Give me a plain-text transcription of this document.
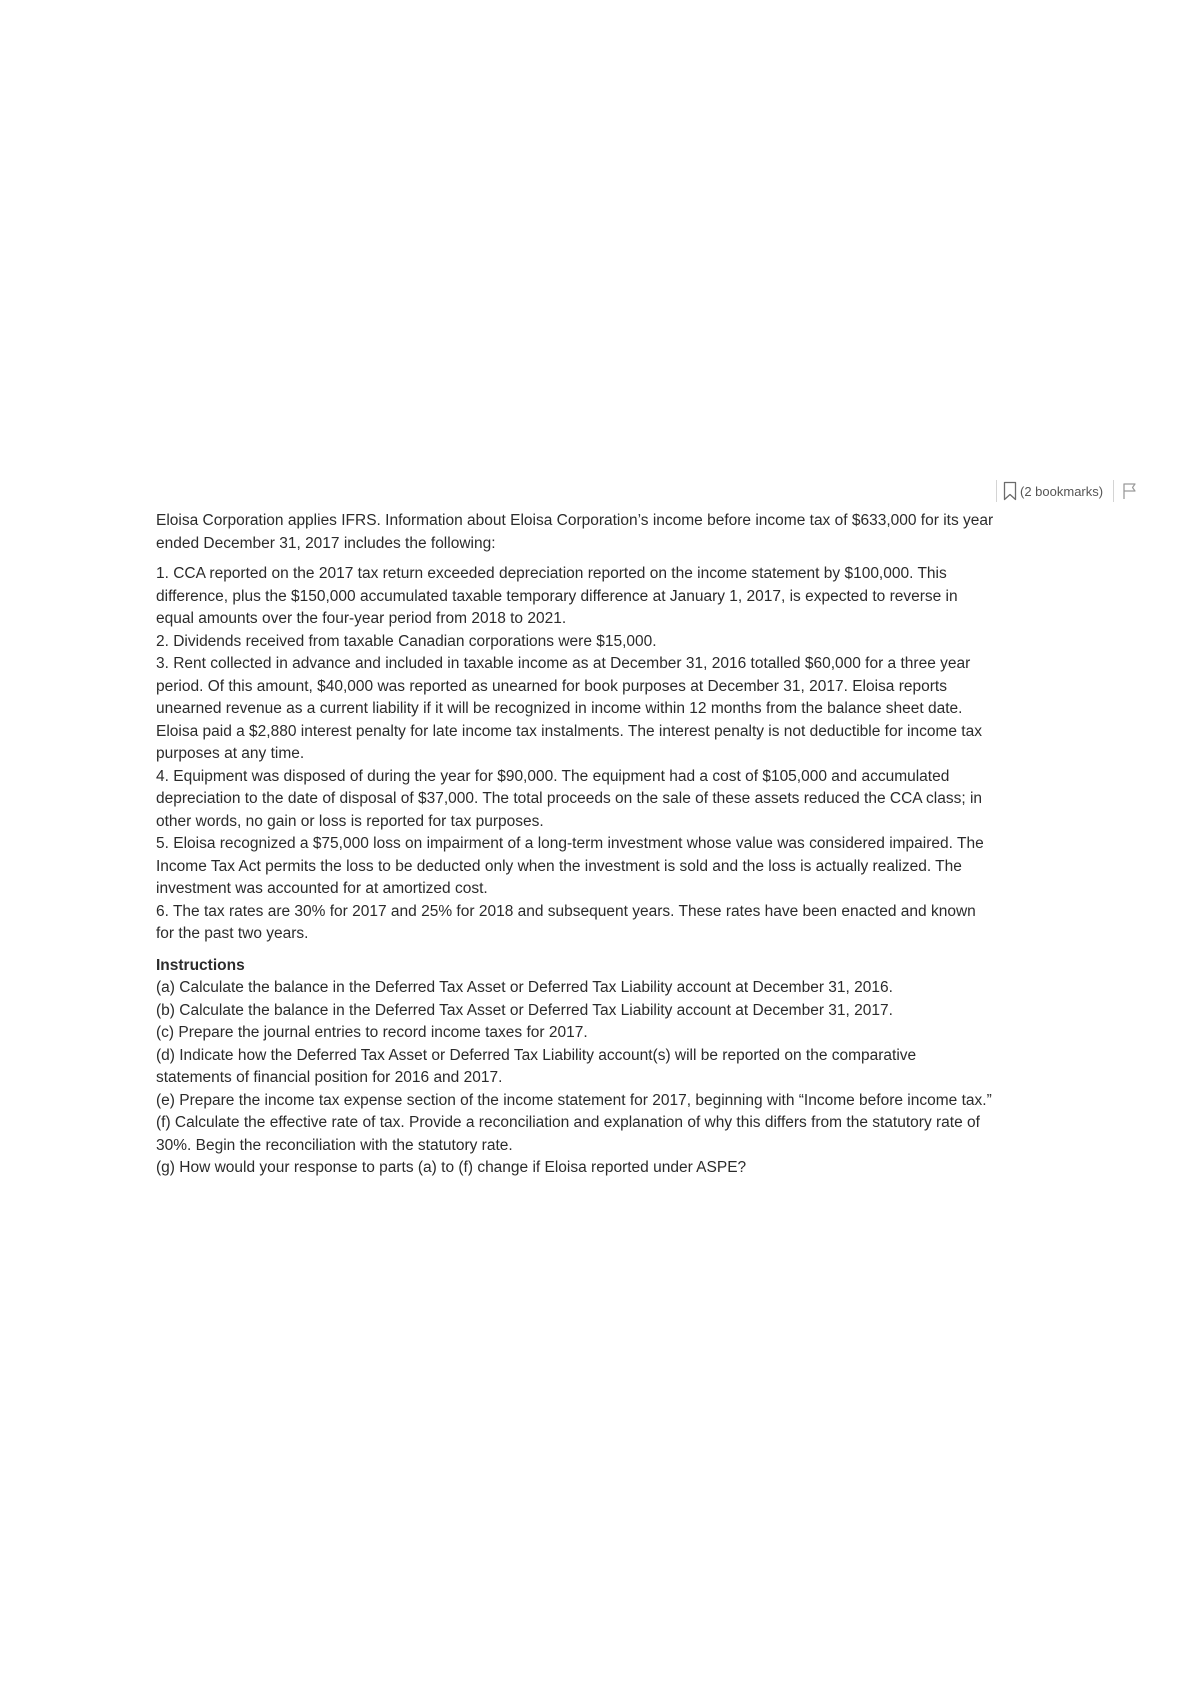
(2 bookmarks)

Eloisa Corporation applies IFRS. Information about Eloisa Corporation’s income before income tax of $633,000 for its year ended December 31, 2017 includes the following:

1. CCA reported on the 2017 tax return exceeded depreciation reported on the income statement by $100,000. This difference, plus the $150,000 accumulated taxable temporary difference at January 1, 2017, is expected to reverse in equal amounts over the four-year period from 2018 to 2021.
2. Dividends received from taxable Canadian corporations were $15,000.
3. Rent collected in advance and included in taxable income as at December 31, 2016 totalled $60,000 for a three year period. Of this amount, $40,000 was reported as unearned for book purposes at December 31, 2017. Eloisa reports unearned revenue as a current liability if it will be recognized in income within 12 months from the balance sheet date. Eloisa paid a $2,880 interest penalty for late income tax instalments. The interest penalty is not deductible for income tax purposes at any time.
4. Equipment was disposed of during the year for $90,000. The equipment had a cost of $105,000 and accumulated depreciation to the date of disposal of $37,000. The total proceeds on the sale of these assets reduced the CCA class; in other words, no gain or loss is reported for tax purposes.
5. Eloisa recognized a $75,000 loss on impairment of a long-term investment whose value was considered impaired. The Income Tax Act permits the loss to be deducted only when the investment is sold and the loss is actually realized. The investment was accounted for at amortized cost.
6. The tax rates are 30% for 2017 and 25% for 2018 and subsequent years. These rates have been enacted and known for the past two years.

Instructions

(a) Calculate the balance in the Deferred Tax Asset or Deferred Tax Liability account at December 31, 2016.
(b) Calculate the balance in the Deferred Tax Asset or Deferred Tax Liability account at December 31, 2017.
(c) Prepare the journal entries to record income taxes for 2017.
(d) Indicate how the Deferred Tax Asset or Deferred Tax Liability account(s) will be reported on the comparative statements of financial position for 2016 and 2017.
(e) Prepare the income tax expense section of the income statement for 2017, beginning with “Income before income tax.”
(f) Calculate the effective rate of tax. Provide a reconciliation and explanation of why this differs from the statutory rate of 30%. Begin the reconciliation with the statutory rate.
(g) How would your response to parts (a) to (f) change if Eloisa reported under ASPE?
